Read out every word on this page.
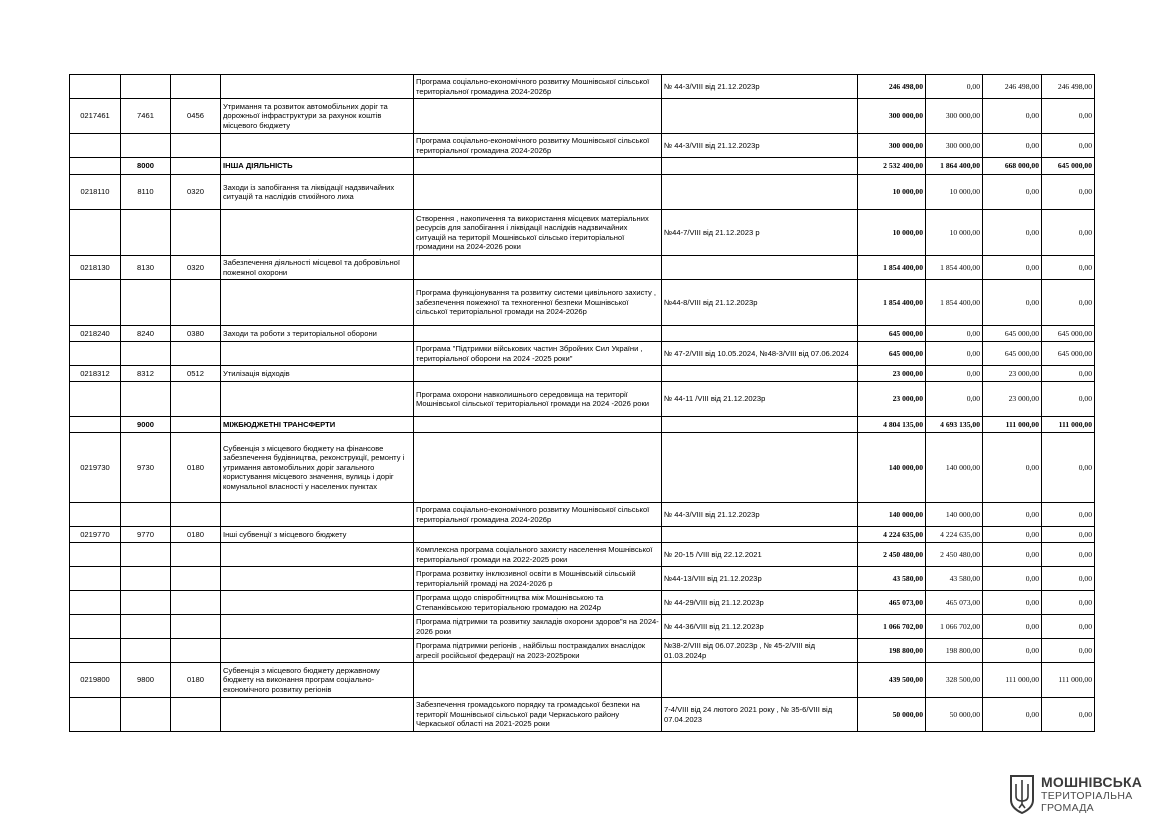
				Програма соціально-економічного розвитку Мошнівської сільської територіальної громадина 2024-2026р	№ 44-3/VIII від 21.12.2023р	246 498,00	0,00	246 498,00	246 498,00
0217461	7461	0456	Утримання та розвиток автомобільних доріг та дорожньої інфраструктури за рахунок коштів місцевого бюджету			300 000,00	300 000,00	0,00	0,00
				Програма соціально-економічного розвитку Мошнівської сільської територіальної громадина 2024-2026р	№ 44-3/VIII від 21.12.2023р	300 000,00	300 000,00	0,00	0,00
	8000		ІНША ДІЯЛЬНІСТЬ			2 532 400,00	1 864 400,00	668 000,00	645 000,00
0218110	8110	0320	Заходи із запобігання та ліквідації надзвичайних ситуацій та наслідків стихійного лиха			10 000,00	10 000,00	0,00	0,00
				Створення , накопичення та використання місцевих матеріальних ресурсів для запобігання і ліквідації наслідків надзвичайних ситуацій на території Мошнівської сільсько ітериторіальної громадини на 2024-2026 роки	№44-7/VIII від 21.12.2023 р	10 000,00	10 000,00	0,00	0,00
0218130	8130	0320	Забезпечення діяльності місцевої та добровільної пожежної охорони			1 854 400,00	1 854 400,00	0,00	0,00
				Програма функціонування та розвитку системи цивільного захисту , забезпечення пожежної та техногенної безпеки Мошнівської сільської територіальної громади на 2024-2026р	№44-8/VIII від 21.12.2023р	1 854 400,00	1 854 400,00	0,00	0,00
0218240	8240	0380	Заходи та роботи з територіальної оборони			645 000,00	0,00	645 000,00	645 000,00
				Програма "Підтримки військових частин Збройних Сил України , територіальної оборони на 2024 -2025 роки"	№ 47-2/VIII від 10.05.2024, №48-3/VIII від 07.06.2024	645 000,00	0,00	645 000,00	645 000,00
0218312	8312	0512	Утилізація відходів			23 000,00	0,00	23 000,00	0,00
				Програма охорони навколишнього середовища на території Мошнівської сільської територіальної громади на 2024 -2026 роки	№ 44-11 /VIII від 21.12.2023р	23 000,00	0,00	23 000,00	0,00
	9000		МІЖБЮДЖЕТНІ ТРАНСФЕРТИ			4 804 135,00	4 693 135,00	111 000,00	111 000,00
0219730	9730	0180	Субвенція з місцевого бюджету на фінансове забезпечення будівництва, реконструкції, ремонту і утримання автомобільних доріг загального користування місцевого значення, вулиць і доріг комунальної власності у населених пунктах			140 000,00	140 000,00	0,00	0,00
				Програма соціально-економічного розвитку Мошнівської сільської територіальної громадина 2024-2026р	№ 44-3/VIII від 21.12.2023р	140 000,00	140 000,00	0,00	0,00
0219770	9770	0180	Інші субвенції з місцевого бюджету			4 224 635,00	4 224 635,00	0,00	0,00
				Комплексна програма соціального захисту населення Мошнівської територіальної громади на 2022-2025 роки	№ 20-15 /VIII від 22.12.2021	2 450 480,00	2 450 480,00	0,00	0,00
				Програма розвитку інклюзивної освіти в Мошнівській сільській територіальній громаді на 2024-2026 р	№44-13/VIII від 21.12.2023р	43 580,00	43 580,00	0,00	0,00
				Програма щодо співробітництва між Мошнівською та Степанківською територіальною громадою на 2024р	№ 44-29/VIII від 21.12.2023р	465 073,00	465 073,00	0,00	0,00
				Програма підтримки та розвитку закладів охорони здоров"я на 2024-2026 роки	№ 44-36/VIII від 21.12.2023р	1 066 702,00	1 066 702,00	0,00	0,00
				Програма підтримки регіонів , найбільш постраждалих внаслідок агресії російської федерації на 2023-2025роки	№38-2/VIII від 06.07.2023р , № 45-2/VIII від 01.03.2024р	198 800,00	198 800,00	0,00	0,00
0219800	9800	0180	Субвенція з місцевого бюджету державному бюджету на виконання програм соціально-економічного розвитку регіонів			439 500,00	328 500,00	111 000,00	111 000,00
				Забезпечення громадського порядку та громадської безпеки на території Мошнівської сільської ради Черкаського району Черкаської області на 2021-2025 роки	7-4/VIII від 24 лютого 2021 року , № 35-6/VIII від 07.04.2023	50 000,00	50 000,00	0,00	0,00
МОШНІВСЬКА
ТЕРИТОРІАЛЬНА
ГРОМАДА
